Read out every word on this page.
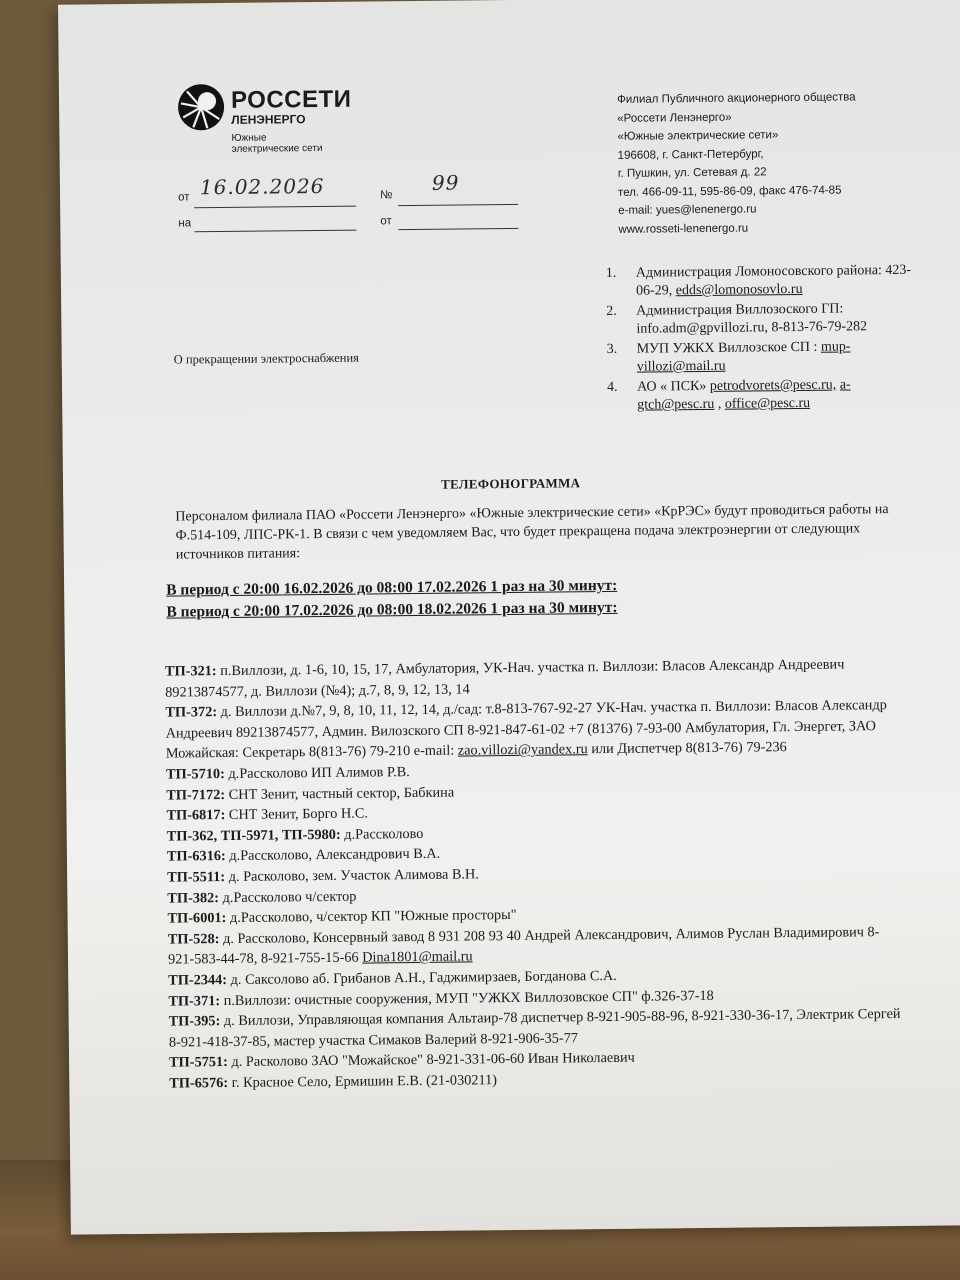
РОССЕТИ
ЛЕНЭНЕРГО
Южные
электрические сети
Филиал Публичного акционерного общества
«Россети Ленэнерго»
«Южные электрические сети»
196608, г. Санкт-Петербург,
г. Пушкин, ул. Сетевая д. 22
тел. 466-09-11, 595-86-09, факс 476-74-85
e-mail: yues@lenenergo.ru
www.rosseti-lenenergo.ru
от 16.02.2026	№
99
на	от
1.	Администрация Ломоносовского района: 423-06-29, edds@lomonosovlo.ru
2.	Администрация Виллозоского ГП: info.adm@gpvillozi.ru, 8-813-76-79-282
3.	МУП УЖКХ Виллозское СП : mup-villozi@mail.ru
4.	АО « ПСК» petrodvorets@pesc.ru, a-gtch@pesc.ru , office@pesc.ru
О прекращении электроснабжения
ТЕЛЕФОНОГРАММА
Персоналом филиала ПАО «Россети Ленэнерго» «Южные электрические сети» «КрРЭС» будут проводиться работы на Ф.514-109, ЛПС-РК-1. В связи с чем уведомляем Вас, что будет прекращена подача электроэнергии от следующих источников питания:
В период с 20:00 16.02.2026 до 08:00 17.02.2026 1 раз на 30 минут:
В период с 20:00 17.02.2026 до 08:00 18.02.2026 1 раз на 30 минут:
ТП-321: п.Виллози, д. 1-6, 10, 15, 17, Амбулатория, УК-Нач. участка п. Виллози: Власов Александр Андреевич 89213874577, д. Виллози (№4); д.7, 8, 9, 12, 13, 14
ТП-372: д. Виллози д.№7, 9, 8, 10, 11, 12, 14, д./сад: т.8-813-767-92-27 УК-Нач. участка п. Виллози: Власов Александр Андреевич 89213874577, Админ. Вилозского СП 8-921-847-61-02 +7 (81376) 7-93-00 Амбулатория, Гл. Энергет, ЗАО Можайская: Секретарь 8(813-76) 79-210 e-mail: zao.villozi@yandex.ru или Диспетчер 8(813-76) 79-236
ТП-5710: д.Рассколово ИП Алимов Р.В.
ТП-7172: СНТ Зенит, частный сектор, Бабкина
ТП-6817: СНТ Зенит, Борго Н.С.
ТП-362, ТП-5971, ТП-5980: д.Рассколово
ТП-6316: д.Рассколово, Александрович В.А.
ТП-5511: д. Расколово, зем. Участок Алимова В.Н.
ТП-382: д.Рассколово ч/сектор
ТП-6001: д.Рассколово, ч/сектор КП "Южные просторы"
ТП-528: д. Рассколово, Консервный завод 8 931 208 93 40 Андрей Александрович, Алимов Руслан Владимирович 8-921-583-44-78, 8-921-755-15-66 Dina1801@mail.ru
ТП-2344: д. Саксолово аб. Грибанов А.Н., Гаджимирзаев, Богданова С.А.
ТП-371: п.Виллози: очистные сооружения, МУП "УЖКХ Виллозовское СП" ф.326-37-18
ТП-395: д. Виллози, Управляющая компания Альтаир-78 диспетчер 8-921-905-88-96, 8-921-330-36-17, Электрик Сергей 8-921-418-37-85, мастер участка Симаков Валерий 8-921-906-35-77
ТП-5751: д. Расколово ЗАО "Можайское" 8-921-331-06-60 Иван Николаевич
ТП-6576: г. Красное Село, Ермишин Е.В. (21-030211)
